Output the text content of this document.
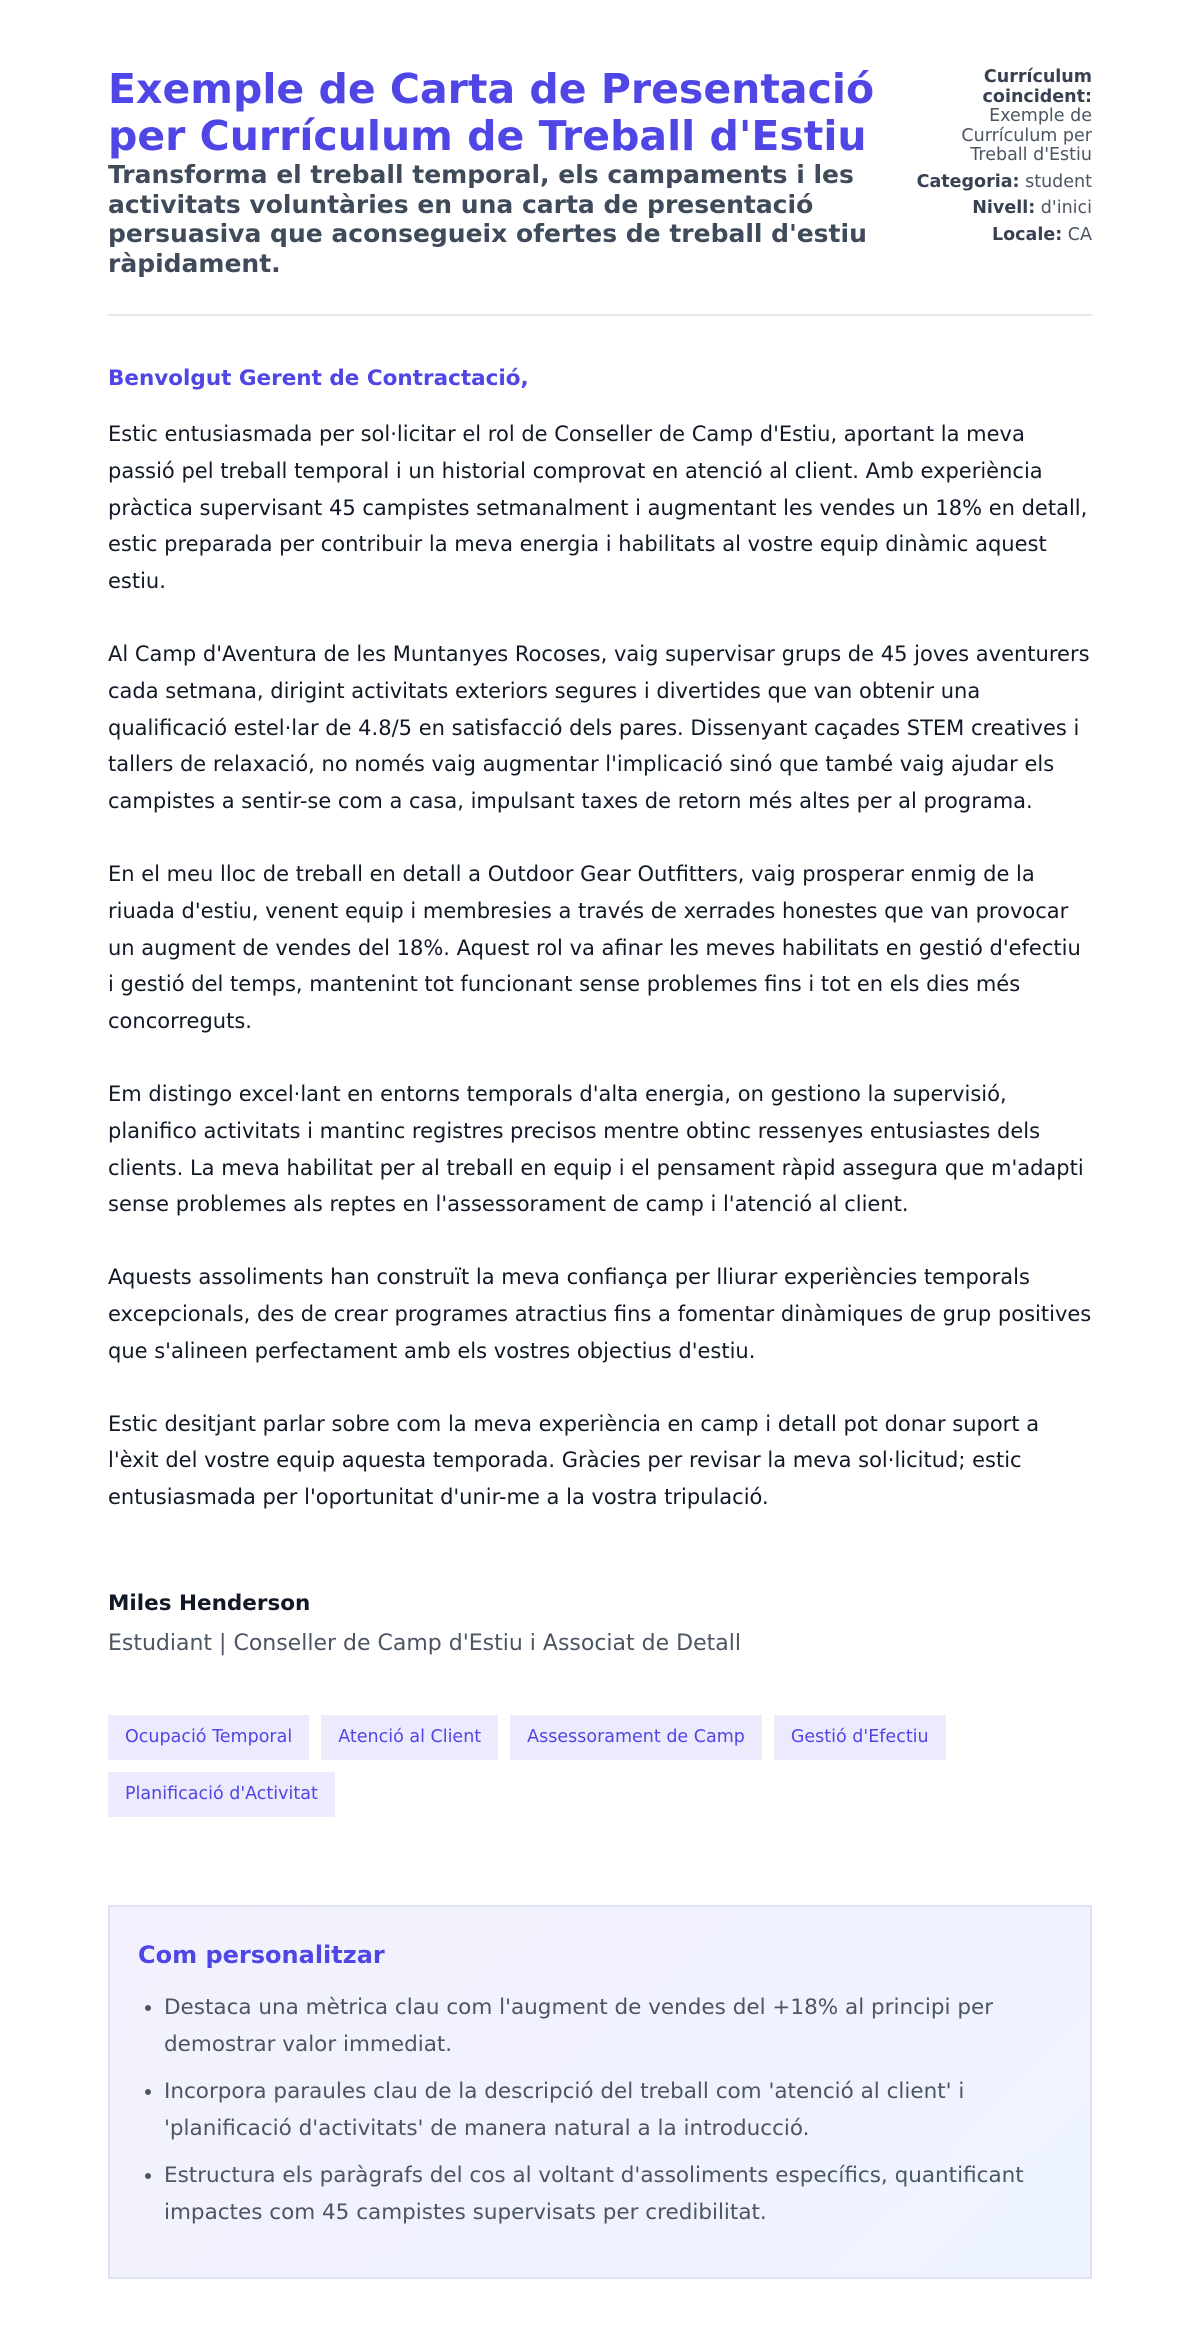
Exemple de Carta de Presentació per Currículum de Treball d'Estiu
Transforma el treball temporal, els campaments i les activitats voluntàries en una carta de presentació persuasiva que aconsegueix ofertes de treball d'estiu ràpidament.
Currículum coincident:
Exemple de Currículum per Treball d'Estiu
Categoria: student
Nivell: d'inici
Locale: CA
Benvolgut Gerent de Contractació,

Estic entusiasmada per sol·licitar el rol de Conseller de Camp d'Estiu, aportant la meva passió pel treball temporal i un historial comprovat en atenció al client. Amb experiència pràctica supervisant 45 campistes setmanalment i augmentant les vendes un 18% en detall, estic preparada per contribuir la meva energia i habilitats al vostre equip dinàmic aquest estiu.

Al Camp d'Aventura de les Muntanyes Rocoses, vaig supervisar grups de 45 joves aventurers cada setmana, dirigint activitats exteriors segures i divertides que van obtenir una qualificació estel·lar de 4.8/5 en satisfacció dels pares. Dissenyant caçades STEM creatives i tallers de relaxació, no només vaig augmentar l'implicació sinó que també vaig ajudar els campistes a sentir-se com a casa, impulsant taxes de retorn més altes per al programa.

En el meu lloc de treball en detall a Outdoor Gear Outfitters, vaig prosperar enmig de la riuada d'estiu, venent equip i membresies a través de xerrades honestes que van provocar un augment de vendes del 18%. Aquest rol va afinar les meves habilitats en gestió d'efectiu i gestió del temps, mantenint tot funcionant sense problemes fins i tot en els dies més concorreguts.

Em distingo excel·lant en entorns temporals d'alta energia, on gestiono la supervisió, planifico activitats i mantinc registres precisos mentre obtinc ressenyes entusiastes dels clients. La meva habilitat per al treball en equip i el pensament ràpid assegura que m'adapti sense problemes als reptes en l'assessorament de camp i l'atenció al client.

Aquests assoliments han construït la meva confiança per lliurar experiències temporals excepcionals, des de crear programes atractius fins a fomentar dinàmiques de grup positives que s'alineen perfectament amb els vostres objectius d'estiu.

Estic desitjant parlar sobre com la meva experiència en camp i detall pot donar suport a l'èxit del vostre equip aquesta temporada. Gràcies per revisar la meva sol·licitud; estic entusiasmada per l'oportunitat d'unir-me a la vostra tripulació.

Miles Henderson
Estudiant | Conseller de Camp d'Estiu i Associat de Detall
Ocupació Temporal	Atenció al Client	Assessorament de Camp	Gestió d'Efectiu
Planificació d'Activitat
Com personalitzar
• Destaca una mètrica clau com l'augment de vendes del +18% al principi per demostrar valor immediat.
• Incorpora paraules clau de la descripció del treball com 'atenció al client' i 'planificació d'activitats' de manera natural a la introducció.
• Estructura els paràgrafs del cos al voltant d'assoliments específics, quantificant impactes com 45 campistes supervisats per credibilitat.
